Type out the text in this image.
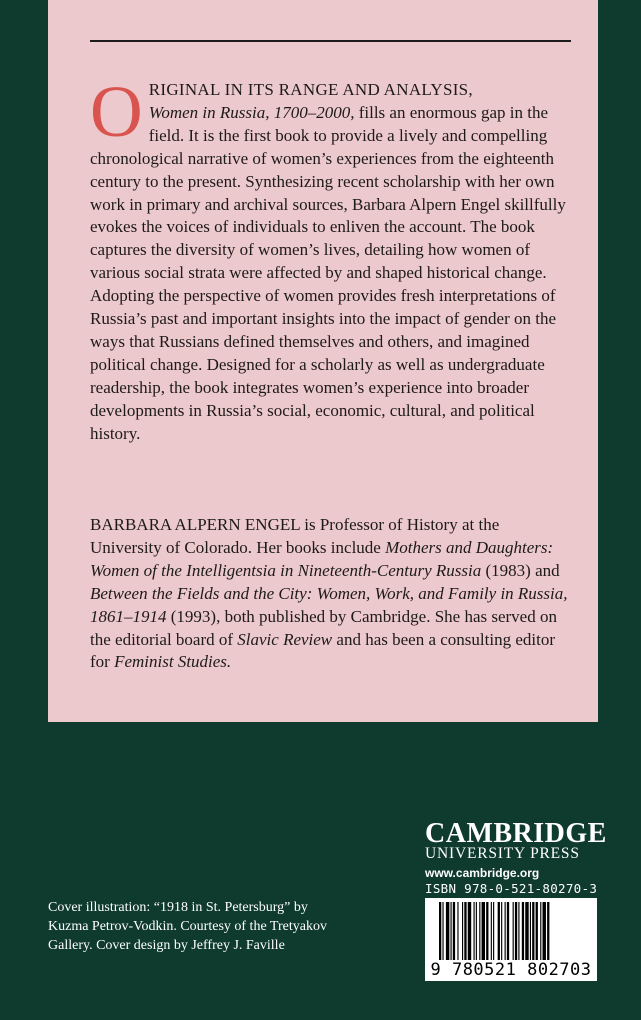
ORIGINAL IN ITS RANGE AND ANALYSIS,
Women in Russia, 1700–2000, fills an enormous gap in the field. It is the first book to provide a lively and compelling chronological narrative of women’s experiences from the eighteenth century to the present. Synthesizing recent scholarship with her own work in primary and archival sources, Barbara Alpern Engel skillfully evokes the voices of individuals to enliven the account. The book captures the diversity of women’s lives, detailing how women of various social strata were affected by and shaped historical change. Adopting the perspective of women provides fresh interpretations of Russia’s past and important insights into the impact of gender on the ways that Russians defined themselves and others, and imagined political change. Designed for a scholarly as well as undergraduate readership, the book integrates women’s experience into broader developments in Russia’s social, economic, cultural, and political history.
BARBARA ALPERN ENGEL is Professor of History at the University of Colorado. Her books include Mothers and Daughters: Women of the Intelligentsia in Nineteenth-Century Russia (1983) and Between the Fields and the City: Women, Work, and Family in Russia, 1861–1914 (1993), both published by Cambridge. She has served on the editorial board of Slavic Review and has been a consulting editor for Feminist Studies.
Cover illustration: “1918 in St. Petersburg” by Kuzma Petrov-Vodkin. Courtesy of the Tretyakov Gallery. Cover design by Jeffrey J. Faville
CAMBRIDGE
UNIVERSITY PRESS
www.cambridge.org
ISBN 978-0-521-80270-3
9 780521 802703
